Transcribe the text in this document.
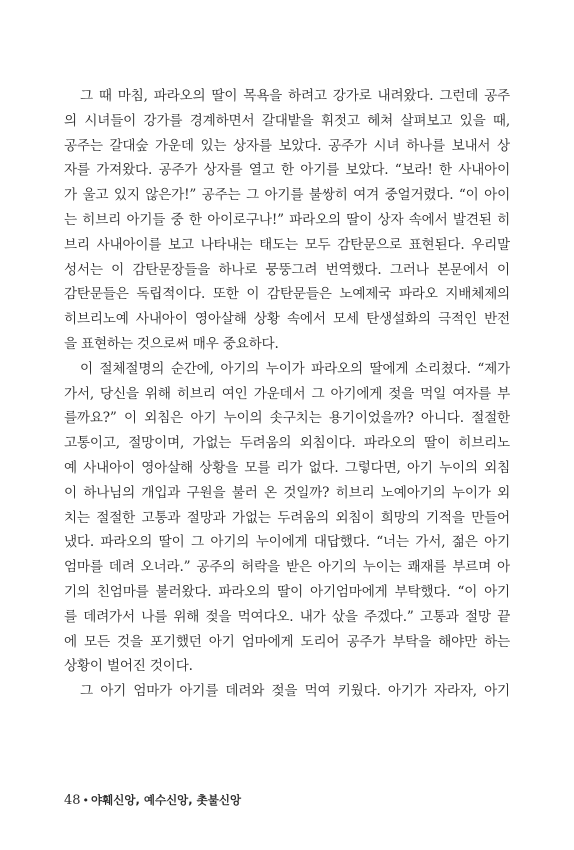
그 때 마침, 파라오의 딸이 목욕을 하려고 강가로 내려왔다. 그런데 공주
의 시녀들이 강가를 경계하면서 갈대밭을 휘젓고 헤쳐 살펴보고 있을 때,
공주는 갈대숲 가운데 있는 상자를 보았다. 공주가 시녀 하나를 보내서 상
자를 가져왔다. 공주가 상자를 열고 한 아기를 보았다. “보라! 한 사내아이
가 울고 있지 않은가!” 공주는 그 아기를 불쌍히 여겨 중얼거렸다. “이 아이
는 히브리 아기들 중 한 아이로구나!” 파라오의 딸이 상자 속에서 발견된 히
브리 사내아이를 보고 나타내는 태도는 모두 감탄문으로 표현된다. 우리말
성서는 이 감탄문장들을 하나로 뭉뚱그려 번역했다. 그러나 본문에서 이
감탄문들은 독립적이다. 또한 이 감탄문들은 노예제국 파라오 지배체제의
히브리노예 사내아이 영아살해 상황 속에서 모세 탄생설화의 극적인 반전
을 표현하는 것으로써 매우 중요하다.
이 절체절명의 순간에, 아기의 누이가 파라오의 딸에게 소리쳤다. “제가
가서, 당신을 위해 히브리 여인 가운데서 그 아기에게 젖을 먹일 여자를 부
를까요?” 이 외침은 아기 누이의 솟구치는 용기이었을까? 아니다. 절절한
고통이고, 절망이며, 가없는 두려움의 외침이다. 파라오의 딸이 히브리노
예 사내아이 영아살해 상황을 모를 리가 없다. 그렇다면, 아기 누이의 외침
이 하나님의 개입과 구원을 불러 온 것일까? 히브리 노예아기의 누이가 외
치는 절절한 고통과 절망과 가없는 두려움의 외침이 희망의 기적을 만들어
냈다. 파라오의 딸이 그 아기의 누이에게 대답했다. “너는 가서, 젊은 아기
엄마를 데려 오너라.” 공주의 허락을 받은 아기의 누이는 쾌재를 부르며 아
기의 친엄마를 불러왔다. 파라오의 딸이 아기엄마에게 부탁했다. “이 아기
를 데려가서 나를 위해 젖을 먹여다오. 내가 삯을 주겠다.” 고통과 절망 끝
에 모든 것을 포기했던 아기 엄마에게 도리어 공주가 부탁을 해야만 하는
상황이 벌어진 것이다.
그 아기 엄마가 아기를 데려와 젖을 먹여 키웠다. 아기가 자라자, 아기
48 • 야훼신앙, 예수신앙, 촛불신앙
